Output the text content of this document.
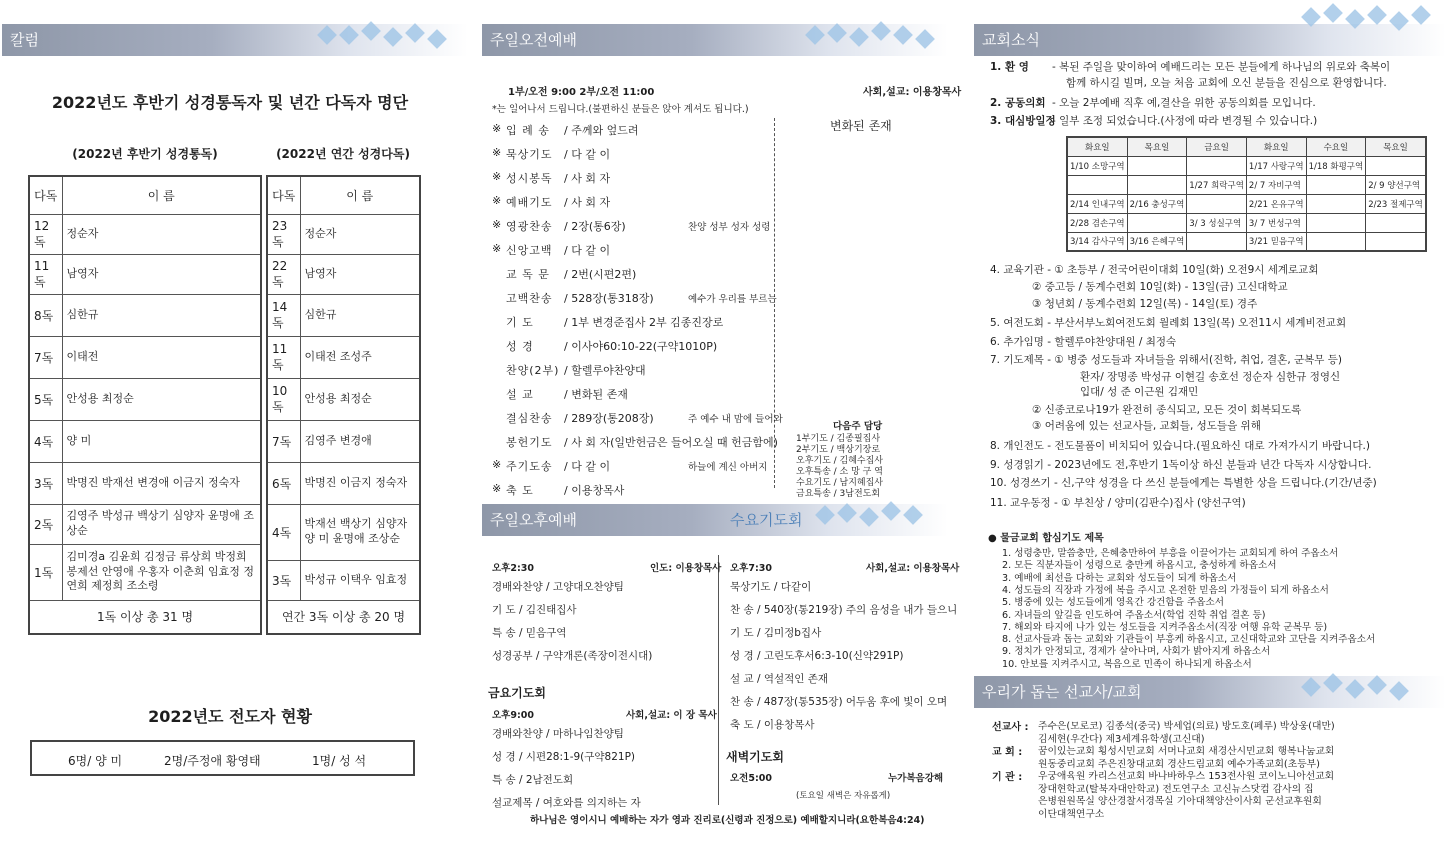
칼럼
2022년도 후반기 성경통독자 및 년간 다독자 명단
(2022년 후반기 성경통독)	(2022년 연간 성경다독)
다독	이 름
12독	정순자
11독	남영자
8독	심한규
7독	이태전
5독	안성용 최정순
4독	양 미
3독	박명진 박재선 변경애 이금지 정숙자
2독	김영주 박성규 백상기 심양자 윤명애 조상순
1독	김미경a 김윤희 김정금 류상희 박정희 봉제선 안영애 우홍자 이춘희 임효정 정연희 제정희 조소령
1독 이상 총 31 명	
다독	이 름
23독	정순자
22독	남영자
14독	심한규
11독	이태전 조성주
10독	안성용 최정순
7독	김영주 변경애
6독	박명진 이금지 정숙자
4독	박재선 백상기 심양자 양 미 윤명애 조상순
3독	박성규 이택우 임효정
연간 3독 이상 총 20 명	
2022년도 전도자 현황
6명/ 양 미	2명/주정애 황영태	1명/ 성 석
주일오전예배
1부/오전 9:00 2부/오전 11:00	사회,설교: 이용창목사
*는 일어나서 드립니다.(불편하신 분들은 앉아 계셔도 됩니다.)
변화된 존재
※ 입 례 송 / 주께와 엎드려
※ 묵상기도 / 다 같 이
※ 성시봉독 / 사 회 자
※ 예배기도 / 사 회 자
※ 영광찬송 / 2장(통6장)	찬양 성부 성자 성령
※ 신앙고백 / 다 같 이
교 독 문 / 2번(시편2편)
고백찬송 / 528장(통318장)	예수가 우리를 부르는
기 도	/ 1부 변경준집사 2부 김종진장로
성 경	/ 이사야60:10-22(구약1010P)
찬양(2부) / 할렐루야찬양대
설 교	/ 변화된 존재
결심찬송 / 289장(통208장)	주 예수 내 맘에 들어와
봉헌기도 / 사 회 자(일반헌금은 들어오실 때 헌금함에)
※ 주기도송 / 다 같 이	하늘에 계신 아버지
※ 축 도	/ 이용창목사
다음주 담당
1부기도 / 김종필집사
2부기도 / 백상기장로
오후기도 / 김혜수집사
오후특송 / 소 망 구 역
수요기도 / 남지혜집사
금요특송 / 3남전도회
주일오후예배	수요기도회
오후2:30	인도: 이용창목사
경배와찬양 / 고양대오찬양팀
기 도 / 김진태집사
특 송 / 믿음구역
성경공부 / 구약개론(족장이전시대)
금요기도회
오후9:00	사회,설교: 이 장 목사
경배와찬양 / 마하나임찬양팀
성 경 / 시편28:1-9(구약821P)
특 송 / 2남전도회
설교제목 / 여호와를 의지하는 자
오후7:30	사회,설교: 이용창목사
묵상기도 / 다같이
찬 송 / 540장(통219장) 주의 음성을 내가 들으니
기 도 / 김미정b집사
성 경 / 고린도후서6:3-10(신약291P)
설 교 / 역설적인 존재
찬 송 / 487장(통535장) 어두움 후에 빛이 오며
축 도 / 이용창목사
새벽기도회
오전5:00	누가복음강해
(토요일 새벽은 자유롭게)
하나님은 영이시니 예배하는 자가 영과 진리로(신령과 진정으로) 예배할지니라(요한복음4:24)
교회소식
1. 환 영 - 복된 주일을 맞이하여 예배드리는 모든 분들에게 하나님의 위로와 축복이
함께 하시길 빌며, 오늘 처음 교회에 오신 분들을 진심으로 환영합니다.
2. 공동의회 - 오늘 2부예배 직후 예,결산을 위한 공동의회를 모입니다.
3. 대심방일정
- 일부 조정 되었습니다.(사정에 따라 변경될 수 있습니다.)
화요일	목요일	금요일	화요일	수요일	목요일
1/10 소망구역			1/17 사랑구역	1/18 화평구역	
		1/27 희락구역	2/ 7 자비구역		2/ 9 양선구역
2/14 인내구역	2/16 충성구역		2/21 온유구역		2/23 절제구역
2/28 겸손구역		3/ 3 성실구역	3/ 7 번성구역		
3/14 감사구역	3/16 은혜구역		3/21 믿음구역		
4. 교육기관 - ① 초등부 / 전국어린이대회 10일(화) 오전9시 세계로교회
② 중고등 / 동계수련회 10일(화) - 13일(금) 고신대학교
③ 청년회 / 동계수련회 12일(목) - 14일(토) 경주
5. 여전도회 - 부산서부노회여전도회 월례회 13일(목) 오전11시 세계비전교회
6. 추가임명 - 할렐루야찬양대원 / 최정숙
7. 기도제목 - ① 병중 성도들과 자녀들을 위해서(진학, 취업, 결혼, 군복무 등)
환자/ 장명종 박성규 이현길 송호선 정순자 심한규 정영신
입대/ 성 준 이근원 김재민
② 신종코로나19가 완전히 종식되고, 모든 것이 회복되도록
③ 어려움에 있는 선교사들, 교회들, 성도들을 위해
8. 개인전도 - 전도물품이 비치되어 있습니다.(필요하신 대로 가져가시기 바랍니다.)
9. 성경읽기 - 2023년에도 전,후반기 1독이상 하신 분들과 년간 다독자 시상합니다.
10. 성경쓰기 - 신,구약 성경을 다 쓰신 분들에게는 특별한 상을 드립니다.(기간/년중)
11. 교우동정 - ① 부친상 / 양미(김판수)집사 (양선구역)
● 물금교회 합심기도 제목
1. 성령충만, 말씀충만, 은혜충만하여 부흥을 이끌어가는 교회되게 하여 주옵소서
2. 모든 직분자들이 성령으로 충만케 하옵시고, 충성하게 하옵소서
3. 예배에 최선을 다하는 교회와 성도들이 되게 하옵소서
4. 성도들의 직장과 가정에 복을 주시고 온전한 믿음의 가정들이 되게 하옵소서
5. 병중에 있는 성도들에게 영육간 강건함을 주옵소서
6. 자녀들의 앞길을 인도하여 주옵소서(학업 진학 취업 결혼 등)
7. 해외와 타지에 나가 있는 성도들을 지켜주옵소서(직장 여행 유학 군복무 등)
8. 선교사들과 돕는 교회와 기관들이 부흥케 하옵시고, 고신대학교와 고단을 지켜주옵소서
9. 정치가 안정되고, 경제가 살아나며, 사회가 밝아지게 하옵소서
10. 안보를 지켜주시고, 복음으로 민족이 하나되게 하옵소서
우리가 돕는 선교사/교회
선교사 : 주수은(모로코) 김종석(중국) 박세업(의료) 방도호(페루) 박상웅(대만)
김세현(우간다) 제3세계유학생(고신대)
교 회 : 꿈이있는교회 횡성시민교회 서머나교회 새경산시민교회 행복나눔교회
원동중리교회 주은진창대교회 경산드림교회 예수가족교회(초등부)
기 관 : 우궁애육원 카리스선교회 바나바하우스 153전사원 코이노니아선교회
장대현학교(탈북자대안학교) 전도연구소 고신뉴스닷컴 감사의 집
은병원원목실 양산경찰서경목실 기아대책양산이사회 군선교후원회
이단대책연구소
